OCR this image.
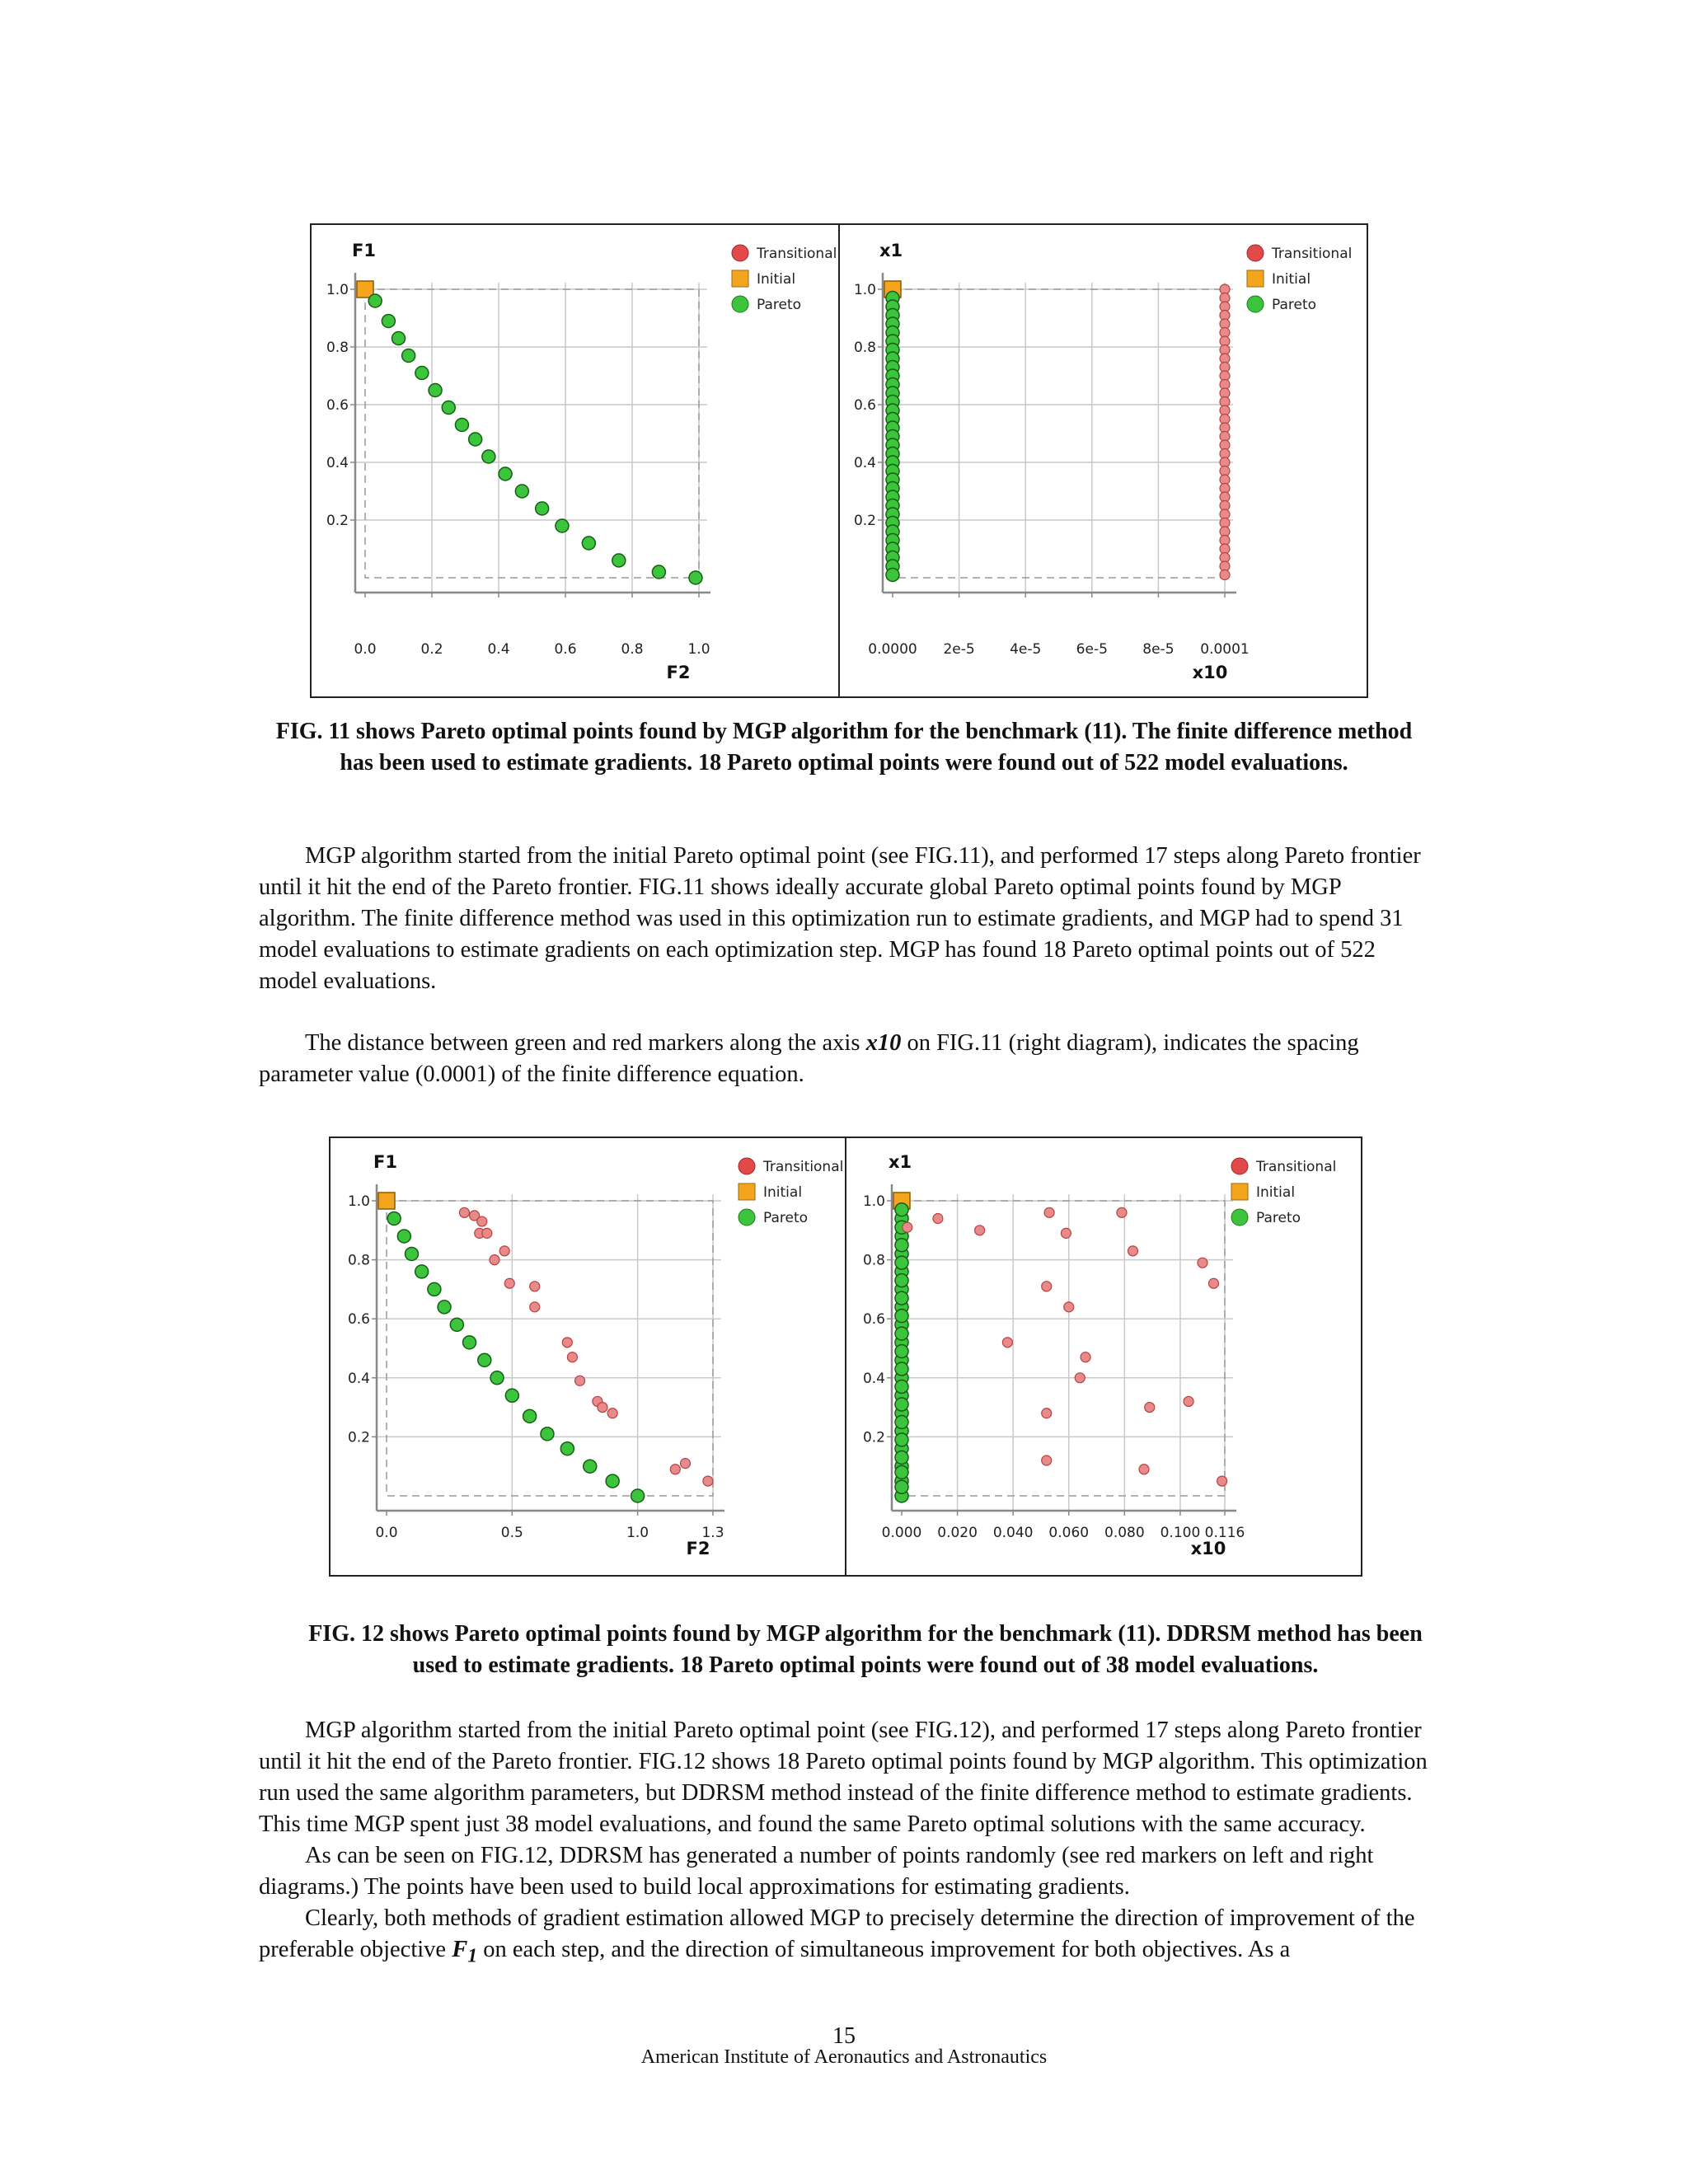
0.0	0.2	0.4	0.6	0.8	1.0
0.2
0.4
0.6
0.8
1.0
F1
F2
Transitional
Initial
Pareto
0.0000 2e-5 4e-5 6e-5 8e-5 0.0001
0.2
0.4
0.6
0.8
1.0
x1
x10
Transitional
Initial
Pareto
FIG. 11 shows Pareto optimal points found by MGP algorithm for the benchmark (11). The finite difference method has been used to estimate gradients. 18 Pareto optimal points were found out of 522 model evaluations.

MGP algorithm started from the initial Pareto optimal point (see FIG.11), and performed 17 steps along Pareto frontier until it hit the end of the Pareto frontier. FIG.11 shows ideally accurate global Pareto optimal points found by MGP algorithm. The finite difference method was used in this optimization run to estimate gradients, and MGP had to spend 31 model evaluations to estimate gradients on each optimization step. MGP has found 18 Pareto optimal points out of 522 model evaluations.

The distance between green and red markers along the axis x10 on FIG.11 (right diagram), indicates the spacing parameter value (0.0001) of the finite difference equation.

0.0	0.5	1.0	1.3
0.2
0.4
0.6
0.8
1.0
F1
F2
Transitional
Initial
Pareto
0.000 0.020 0.040 0.060 0.080 0.100 0.116
0.2
0.4
0.6
0.8
1.0
x1
x10
Transitional
Initial
Pareto
FIG. 12 shows Pareto optimal points found by MGP algorithm for the benchmark (11). DDRSM method has been used to estimate gradients. 18 Pareto optimal points were found out of 38 model evaluations.

MGP algorithm started from the initial Pareto optimal point (see FIG.12), and performed 17 steps along Pareto frontier until it hit the end of the Pareto frontier. FIG.12 shows 18 Pareto optimal points found by MGP algorithm. This optimization run used the same algorithm parameters, but DDRSM method instead of the finite difference method to estimate gradients. This time MGP spent just 38 model evaluations, and found the same Pareto optimal solutions with the same accuracy.

As can be seen on FIG.12, DDRSM has generated a number of points randomly (see red markers on left and right diagrams.) The points have been used to build local approximations for estimating gradients.

Clearly, both methods of gradient estimation allowed MGP to precisely determine the direction of improvement of the preferable objective $F_1$ on each step, and the direction of simultaneous improvement for both objectives. As a

15
American Institute of Aeronautics and Astronautics
